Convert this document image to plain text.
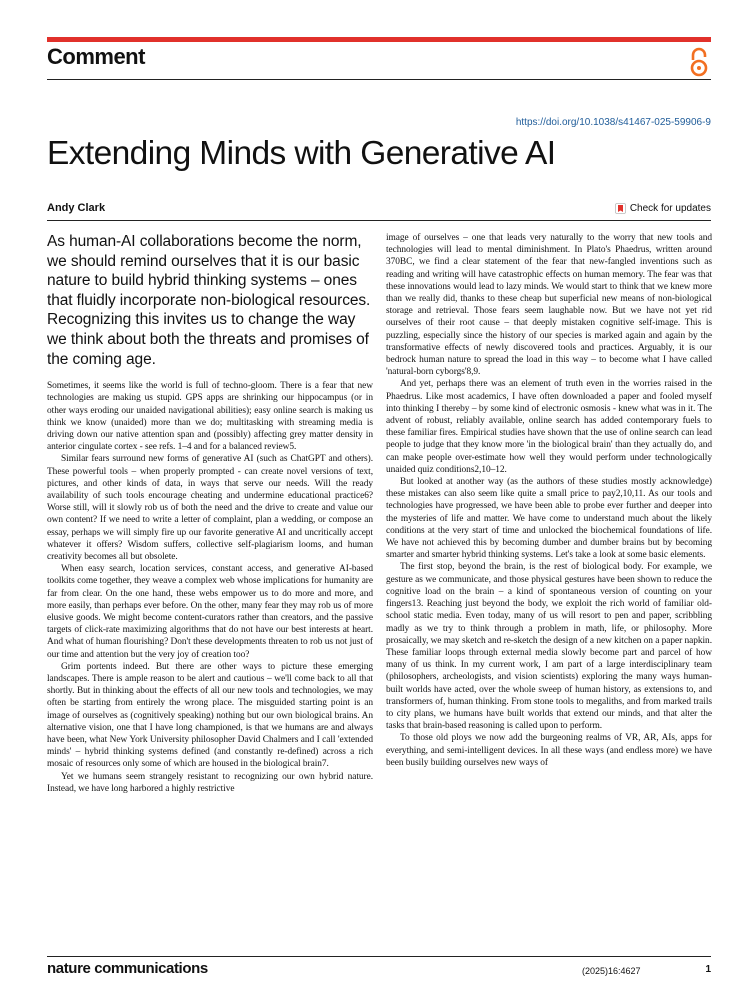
Comment
https://doi.org/10.1038/s41467-025-59906-9
Extending Minds with Generative AI
Andy Clark	Check for updates

As human-AI collaborations become the norm, we should remind ourselves that it is our basic nature to build hybrid thinking systems – ones that fluidly incorporate non-biological resources. Recognizing this invites us to change the way we think about both the threats and promises of the coming age.

Sometimes, it seems like the world is full of techno-gloom. There is a fear that new technologies are making us stupid. GPS apps are shrinking our hippocampus (or in other ways eroding our unaided navigational abilities); easy online search is making us think we know (unaided) more than we do; multitasking with streaming media is driving down our native attention span and (possibly) affecting grey matter density in anterior cingulate cortex - see refs. 1–4 and for a balanced review5.

Similar fears surround new forms of generative AI (such as ChatGPT and others). These powerful tools – when properly prompted - can create novel versions of text, pictures, and other kinds of data, in ways that serve our needs. Will the ready availability of such tools encourage cheating and undermine educational practice6? Worse still, will it slowly rob us of both the need and the drive to create and value our own content? If we need to write a letter of complaint, plan a wedding, or compose an essay, perhaps we will simply fire up our favorite generative AI and uncritically accept whatever it offers? Wisdom suffers, collective self-plagiarism looms, and human creativity becomes all but obsolete.

When easy search, location services, constant access, and generative AI-based toolkits come together, they weave a complex web whose implications for humanity are far from clear. On the one hand, these webs empower us to do more and more, and more easily, than perhaps ever before. On the other, many fear they may rob us of more elusive goods. We might become content-curators rather than creators, and the passive targets of click-rate maximizing algorithms that do not have our best interests at heart. And what of human flourishing? Don't these developments threaten to rob us not just of our time and attention but the very joy of creation too?

Grim portents indeed. But there are other ways to picture these emerging landscapes. There is ample reason to be alert and cautious – we'll come back to all that shortly. But in thinking about the effects of all our new tools and technologies, we may often be starting from entirely the wrong place. The misguided starting point is an image of ourselves as (cognitively speaking) nothing but our own biological brains. An alternative vision, one that I have long championed, is that we humans are and always have been, what New York University philosopher David Chalmers and I call 'extended minds' – hybrid thinking systems defined (and constantly re-defined) across a rich mosaic of resources only some of which are housed in the biological brain7.

Yet we humans seem strangely resistant to recognizing our own hybrid nature. Instead, we have long harbored a highly restrictive

image of ourselves – one that leads very naturally to the worry that new tools and technologies will lead to mental diminishment. In Plato's Phaedrus, written around 370BC, we find a clear statement of the fear that new-fangled inventions such as reading and writing will have catastrophic effects on human memory. The fear was that these innovations would lead to lazy minds. We would start to think that we knew more than we really did, thanks to these cheap but superficial new means of non-biological storage and retrieval. Those fears seem laughable now. But we have not yet rid ourselves of their root cause – that deeply mistaken cognitive self-image. This is puzzling, especially since the history of our species is marked again and again by the transformative effects of newly discovered tools and practices. Arguably, it is our bedrock human nature to spread the load in this way – to become what I have called 'natural-born cyborgs'8,9.

And yet, perhaps there was an element of truth even in the worries raised in the Phaedrus. Like most academics, I have often downloaded a paper and fooled myself into thinking I thereby – by some kind of electronic osmosis - knew what was in it. The advent of robust, reliably available, online search has added contemporary fuels to these familiar fires. Empirical studies have shown that the use of online search can lead people to judge that they know more 'in the biological brain' than they actually do, and can make people over-estimate how well they would perform under technologically unaided quiz conditions2,10–12.

But looked at another way (as the authors of these studies mostly acknowledge) these mistakes can also seem like quite a small price to pay2,10,11. As our tools and technologies have progressed, we have been able to probe ever further and deeper into the mysteries of life and matter. We have come to understand much about the likely conditions at the very start of time and unlocked the biochemical foundations of life. We have not achieved this by becoming dumber and dumber brains but by becoming smarter and smarter hybrid thinking systems. Let's take a look at some basic elements.

The first stop, beyond the brain, is the rest of biological body. For example, we gesture as we communicate, and those physical gestures have been shown to reduce the cognitive load on the brain – a kind of spontaneous version of counting on your fingers13. Reaching just beyond the body, we exploit the rich world of familiar old-school static media. Even today, many of us will resort to pen and paper, scribbling madly as we try to think through a problem in math, life, or philosophy. More prosaically, we may sketch and re-sketch the design of a new kitchen on a paper napkin. These familiar loops through external media slowly become part and parcel of how many of us think. In my current work, I am part of a large interdisciplinary team (philosophers, archeologists, and vision scientists) exploring the many ways human-built worlds have acted, over the whole sweep of human history, as extensions to, and transformers of, human thinking. From stone tools to megaliths, and from marked trails to city plans, we humans have built worlds that extend our minds, and that alter the tasks that brain-based reasoning is called upon to perform.

To those old ploys we now add the burgeoning realms of VR, AR, AIs, apps for everything, and semi-intelligent devices. In all these ways (and endless more) we have been busily building ourselves new ways of

nature communications	(2025)16:4627	1
